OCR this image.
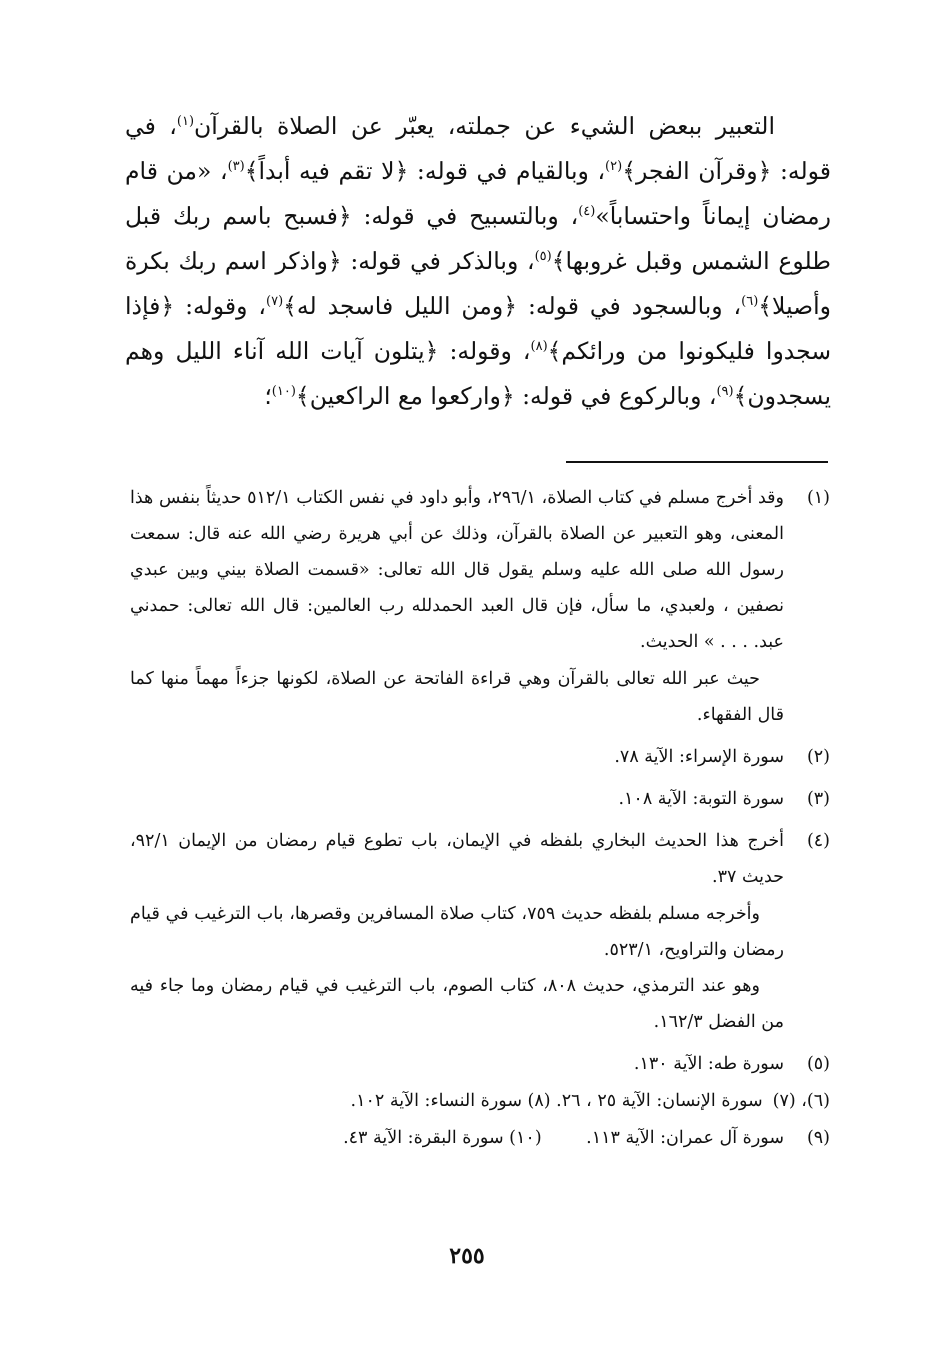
التعبير ببعض الشيء عن جملته، يعبّر عن الصلاة بالقرآن$^{(١)}$، في قوله: ﴿وقرآن الفجر﴾$^{(٢)}$، وبالقيام في قوله: ﴿لا تقم فيه أبداً﴾$^{(٣)}$، «من قام رمضان إيماناً واحتساباً»$^{(٤)}$، وبالتسبيح في قوله: ﴿فسبح باسم ربك قبل طلوع الشمس وقبل غروبها﴾$^{(٥)}$، وبالذكر في قوله: ﴿واذكر اسم ربك بكرة وأصيلا﴾$^{(٦)}$، وبالسجود في قوله: ﴿ومن الليل فاسجد له﴾$^{(٧)}$، وقوله: ﴿فإذا سجدوا فليكونوا من ورائكم﴾$^{(٨)}$، وقوله: ﴿يتلون آيات الله آناء الليل وهم يسجدون﴾$^{(٩)}$، وبالركوع في قوله: ﴿واركعوا مع الراكعين﴾$^{(١٠)}$؛

(١)

وقد أخرج مسلم في كتاب الصلاة، ٢٩٦/١، وأبو داود في نفس الكتاب ٥١٢/١ حديثاً بنفس هذا المعنى، وهو التعبير عن الصلاة بالقرآن، وذلك عن أبي هريرة رضي الله عنه قال: سمعت رسول الله صلى الله عليه وسلم يقول قال الله تعالى: «قسمت الصلاة بيني وبين عبدي نصفين ، ولعبدي، ما سأل، فإن قال العبد الحمدلله رب العالمين: قال الله تعالى: حمدني عبد. . . . » الحديث.

حيث عبر الله تعالى بالقرآن وهي قراءة الفاتحة عن الصلاة، لكونها جزءاً مهماً منها كما قال الفقهاء.

(٢)

سورة الإسراء: الآية ٧٨.

(٣)

سورة التوبة: الآية ١٠٨.

(٤)

أخرج هذا الحديث البخاري بلفظه في الإيمان، باب تطوع قيام رمضان من الإيمان ٩٢/١، حديث ٣٧.

وأخرجه مسلم بلفظه حديث ٧٥٩، كتاب صلاة المسافرين وقصرها، باب الترغيب في قيام رمضان والتراويح، ٥٢٣/١.

وهو عند الترمذي، حديث ٨٠٨، كتاب الصوم، باب الترغيب في قيام رمضان وما جاء فيه من الفضل ١٦٢/٣.

(٥)

سورة طه: الآية ١٣٠.

(٦)، (٧)

سورة الإنسان: الآية ٢٥ ، ٢٦. (٨) سورة النساء: الآية ١٠٢.

(٩)

سورة آل عمران: الآية ١١٣.        (١٠) سورة البقرة: الآية ٤٣.

٢٥٥
